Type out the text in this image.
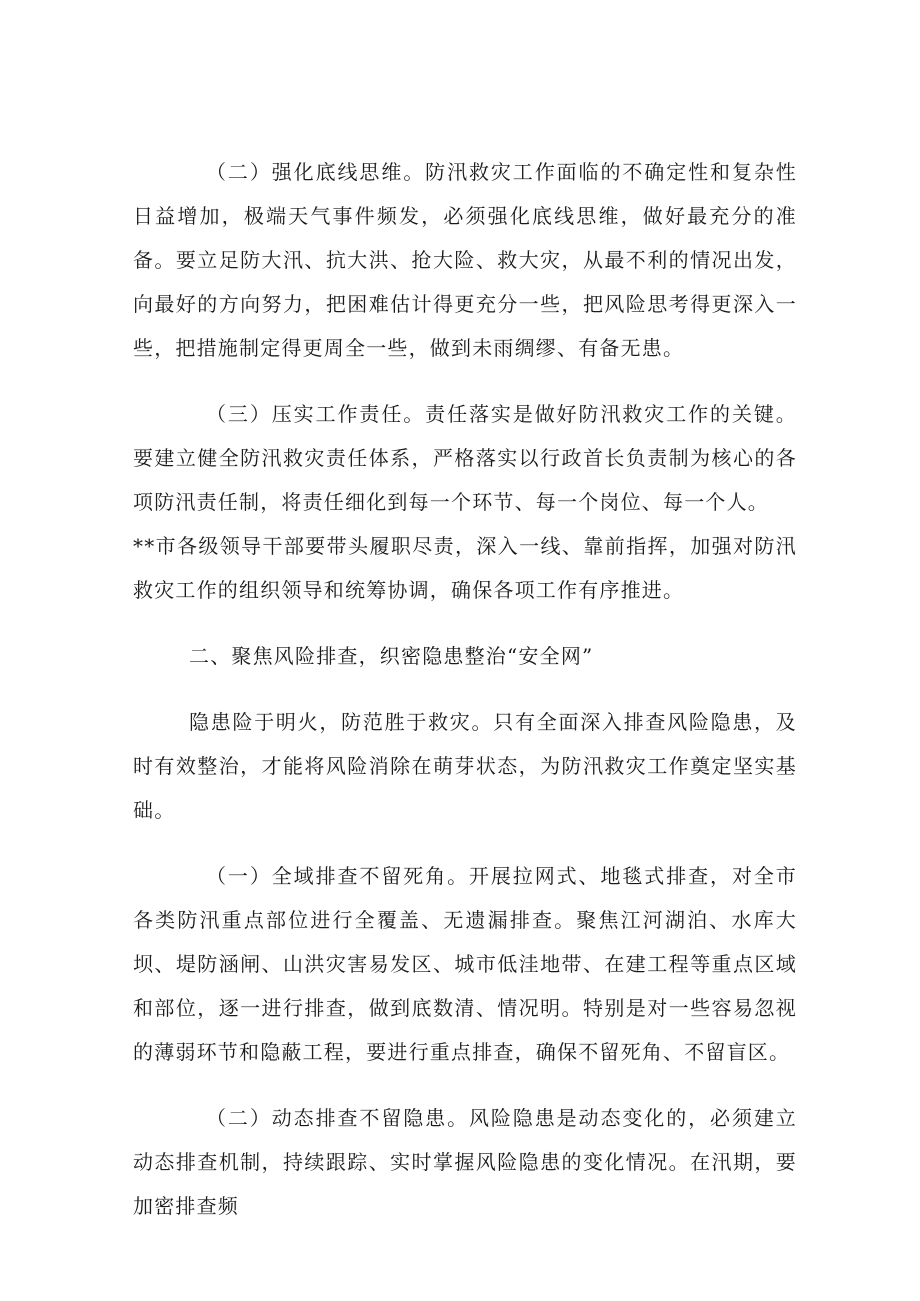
（二）强化底线思维。防汛救灾工作面临的不确定性和复杂性日益增加，极端天气事件频发，必须强化底线思维，做好最充分的准备。要立足防大汛、抗大洪、抢大险、救大灾，从最不利的情况出发，向最好的方向努力，把困难估计得更充分一些，把风险思考得更深入一些，把措施制定得更周全一些，做到未雨绸缪、有备无患。

（三）压实工作责任。责任落实是做好防汛救灾工作的关键。要建立健全防汛救灾责任体系，严格落实以行政首长负责制为核心的各项防汛责任制，将责任细化到每一个环节、每一个岗位、每一个人。

**市各级领导干部要带头履职尽责，深入一线、靠前指挥，加强对防汛救灾工作的组织领导和统筹协调，确保各项工作有序推进。

二、聚焦风险排查，织密隐患整治“安全网”

隐患险于明火，防范胜于救灾。只有全面深入排查风险隐患，及时有效整治，才能将风险消除在萌芽状态，为防汛救灾工作奠定坚实基础。

（一）全域排查不留死角。开展拉网式、地毯式排查，对全市各类防汛重点部位进行全覆盖、无遗漏排查。聚焦江河湖泊、水库大坝、堤防涵闸、山洪灾害易发区、城市低洼地带、在建工程等重点区域和部位，逐一进行排查，做到底数清、情况明。特别是对一些容易忽视的薄弱环节和隐蔽工程，要进行重点排查，确保不留死角、不留盲区。

（二）动态排查不留隐患。风险隐患是动态变化的，必须建立动态排查机制，持续跟踪、实时掌握风险隐患的变化情况。在汛期，要加密排查频
